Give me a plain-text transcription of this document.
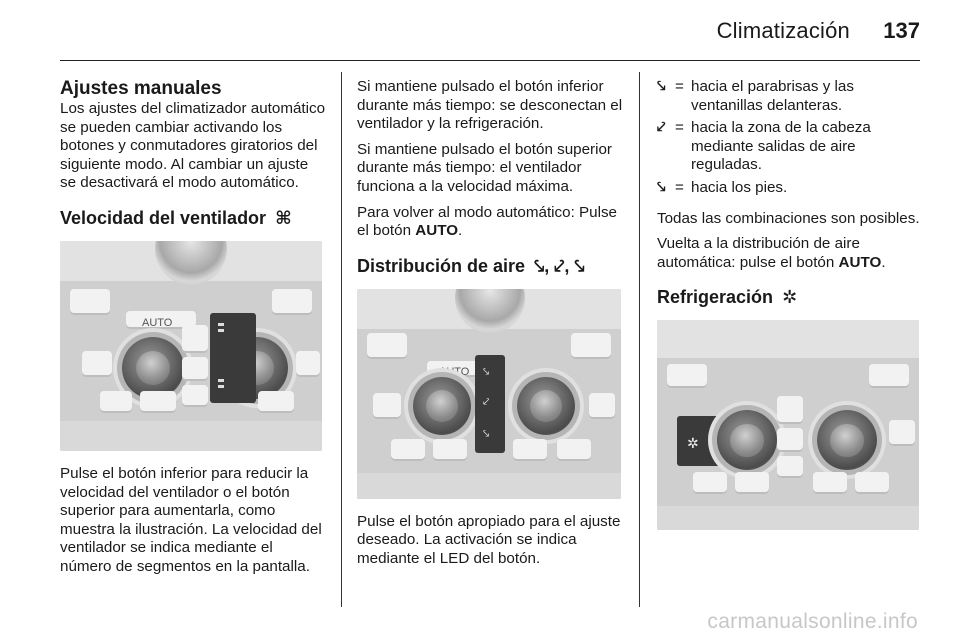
Climatización 137
Ajustes manuales

Los ajustes del climatizador automático se pueden cambiar activando los botones y conmutadores giratorios del siguiente modo. Al cambiar un ajuste se desactivará el modo automático.

Velocidad del ventilador ⌘
AUTO

Pulse el botón inferior para reducir la velocidad del ventilador o el botón superior para aumentarla, como muestra la ilustración. La velocidad del ventilador se indica mediante el número de segmentos en la pantalla.

Si mantiene pulsado el botón inferior durante más tiempo: se desconectan el ventilador y la refrigeración.

Si mantiene pulsado el botón superior durante más tiempo: el ventilador funciona a la velocidad máxima.

Para volver al modo automático: Pulse el botón AUTO.

Distribución de aire ⤥, ⤦, ⤥
AUTO ⤥
⤦
⤥

Pulse el botón apropiado para el ajuste deseado. La activación se indica mediante el LED del botón.

⤥ = hacia el parabrisas y las ventanillas delanteras.
⤦ = hacia la zona de la cabeza mediante salidas de aire reguladas.
⤥ = hacia los pies.

Todas las combinaciones son posibles.

Vuelta a la distribución de aire automática: pulse el botón AUTO.

Refrigeración ✲
✲
carmanualsonline.info
